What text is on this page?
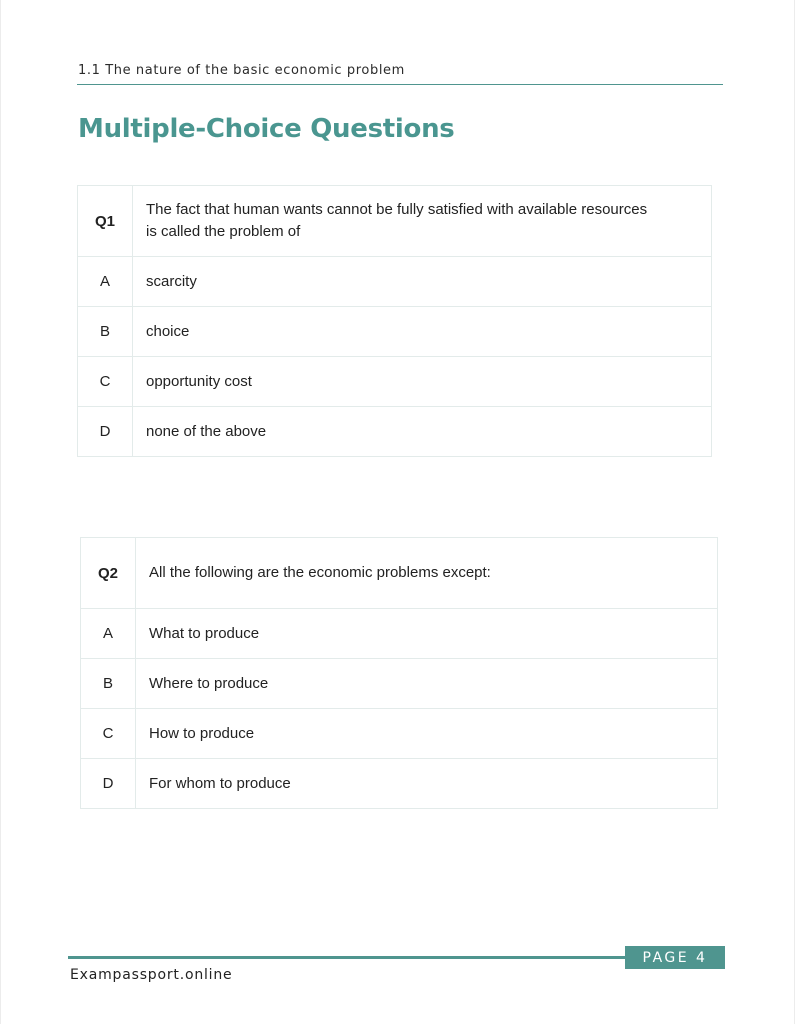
1.1 The nature of the basic economic problem
Multiple-Choice Questions
Q1	The fact that human wants cannot be fully satisfied with available resources
is called the problem of

A	scarcity
B	choice
C	opportunity cost
D	none of the above
Q2	All the following are the economic problems except:

A	What to produce
B	Where to produce
C	How to produce
D	For whom to produce
PAGE 4
Exampassport.online
